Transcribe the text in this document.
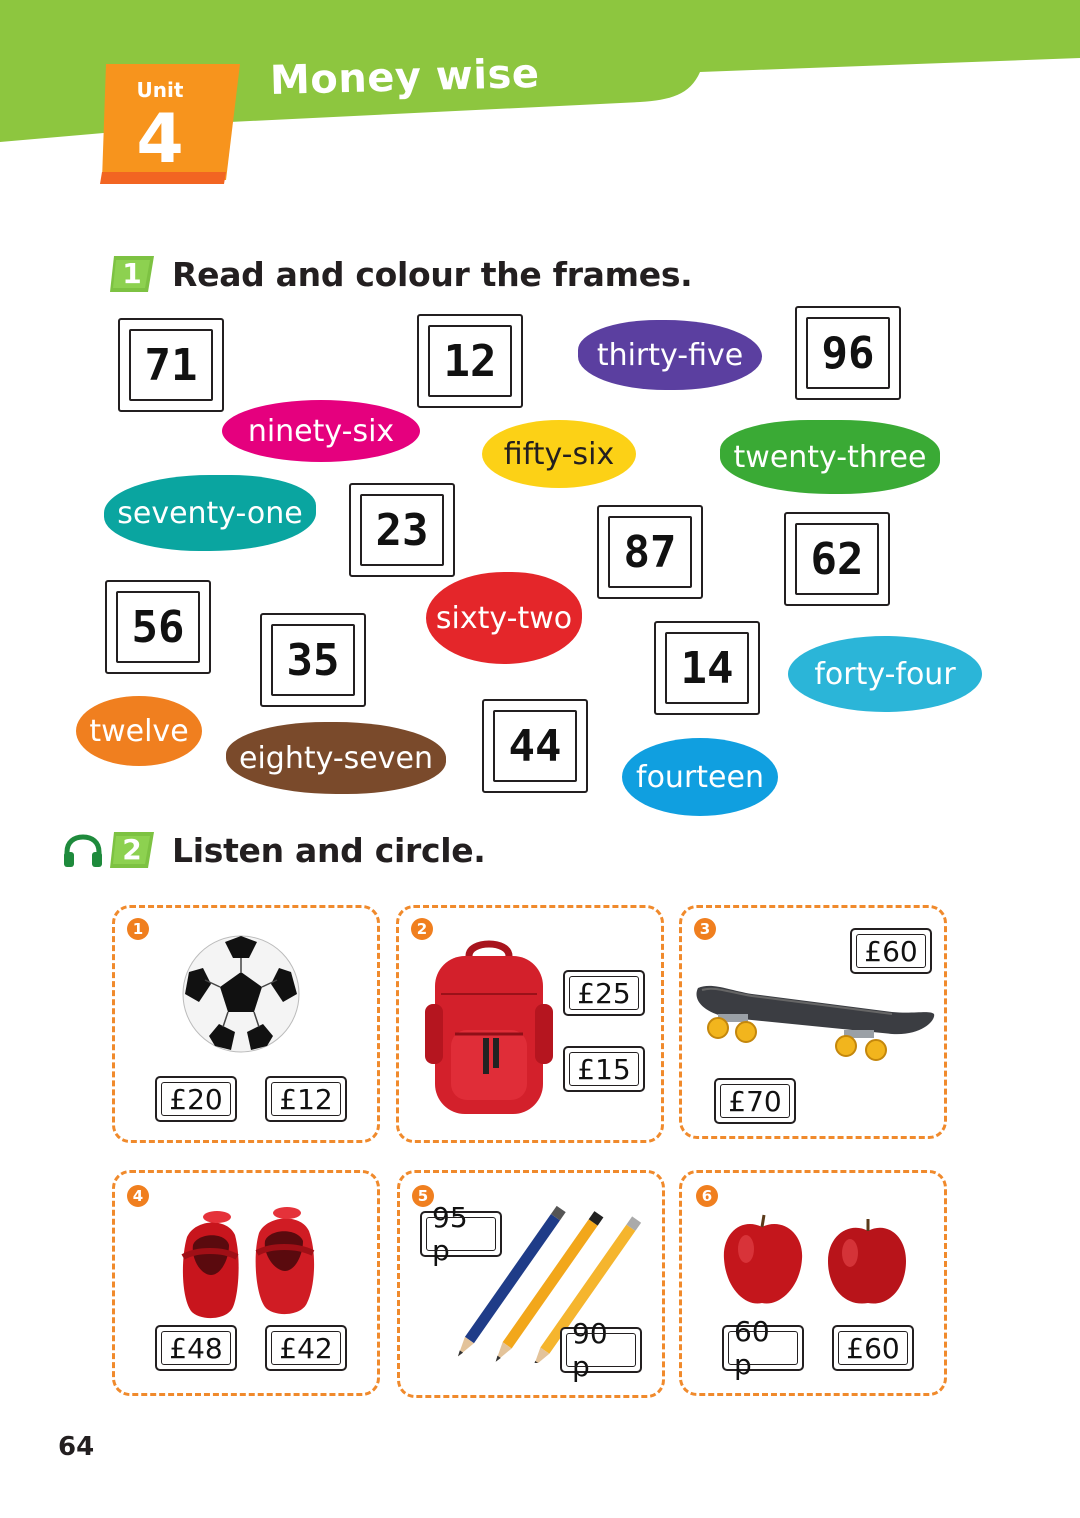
Unit
4
Money wise
1 Read and colour the frames.
71	12	96
23	87	62
56
35	14
44
thirty-five
ninety-six
fifty-six	twenty-three
seventy-one
sixty-two
forty-four
twelve
eighty-seven
fourteen
2 Listen and circle.
1
£20	£12
2
£25
£15
3
£60
£70
4
£48	£42
5
95 p
90 p
6
60 p	£60
64
